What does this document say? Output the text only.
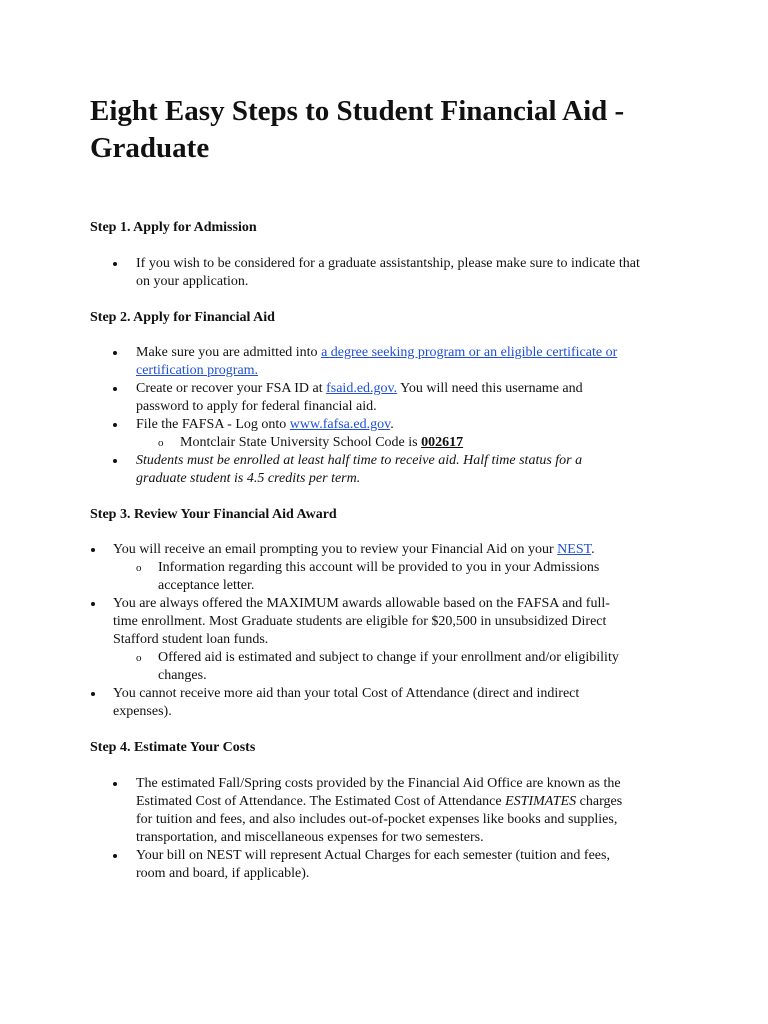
Eight Easy Steps to Student Financial Aid -
Graduate
Step 1. Apply for Admission
If you wish to be considered for a graduate assistantship, please make sure to indicate that
on your application.
Step 2. Apply for Financial Aid
Make sure you are admitted into a degree seeking program or an eligible certificate or
certification program.
Create or recover your FSA ID at fsaid.ed.gov. You will need this username and
password to apply for federal financial aid.
File the FAFSA - Log onto www.fafsa.ed.gov.
o Montclair State University School Code is 002617
Students must be enrolled at least half time to receive aid. Half time status for a
graduate student is 4.5 credits per term.
Step 3. Review Your Financial Aid Award
You will receive an email prompting you to review your Financial Aid on your NEST.
o Information regarding this account will be provided to you in your Admissions
acceptance letter.
You are always offered the MAXIMUM awards allowable based on the FAFSA and full-
time enrollment. Most Graduate students are eligible for $20,500 in unsubsidized Direct
Stafford student loan funds.
o Offered aid is estimated and subject to change if your enrollment and/or eligibility
changes.
You cannot receive more aid than your total Cost of Attendance (direct and indirect
expenses).
Step 4. Estimate Your Costs
The estimated Fall/Spring costs provided by the Financial Aid Office are known as the
Estimated Cost of Attendance. The Estimated Cost of Attendance ESTIMATES charges
for tuition and fees, and also includes out-of-pocket expenses like books and supplies,
transportation, and miscellaneous expenses for two semesters.
Your bill on NEST will represent Actual Charges for each semester (tuition and fees,
room and board, if applicable).
